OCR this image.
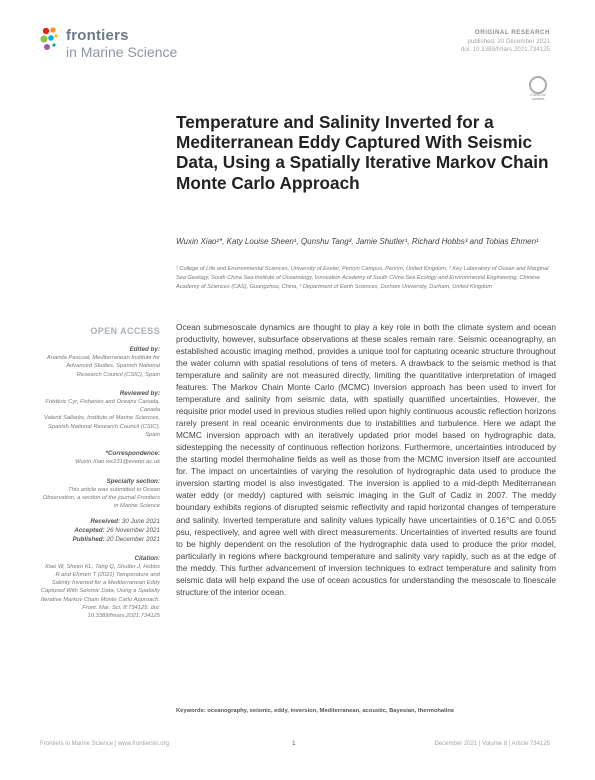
frontiers
in Marine Science
ORIGINAL RESEARCH
published: 20 December 2021
doi: 10.3389/fmars.2021.734125
Check for
updates
Temperature and Salinity Inverted for a Mediterranean Eddy Captured With Seismic Data, Using a Spatially Iterative Markov Chain Monte Carlo Approach
Wuxin Xiao¹*, Katy Louise Sheen¹, Qunshu Tang², Jamie Shutler¹, Richard Hobbs³ and Tobias Ehmen¹
¹ College of Life and Environmental Sciences, University of Exeter, Penryn Campus, Penryn, United Kingdom, ² Key Laboratory of Ocean and Marginal Sea Geology, South China Sea Institute of Oceanology, Innovation Academy of South China Sea Ecology and Environmental Engineering, Chinese Academy of Sciences (CAS), Guangzhou, China, ³ Department of Earth Sciences, Durham University, Durham, United Kingdom
OPEN ACCESS
Edited by:
Ananda Pascual, Mediterranean Institute for Advanced Studies, Spanish National Research Council (CSIC), Spain
Reviewed by:
Frédéric Cyr, Fisheries and Oceans Canada, Canada
Valenti Sallarès, Institute of Marine Sciences, Spanish National Research Council (CSIC), Spain
*Correspondence:
Wuxin Xiao wx231@exeter.ac.uk
Specialty section:
This article was submitted to Ocean Observation, a section of the journal Frontiers in Marine Science
Received: 30 June 2021
Accepted: 26 November 2021
Published: 20 December 2021
Citation:
Xiao W, Sheen KL, Tang Q, Shutler J, Hobbs R and Ehmen T (2021) Temperature and Salinity Inverted for a Mediterranean Eddy Captured With Seismic Data, Using a Spatially Iterative Markov Chain Monte Carlo Approach. Front. Mar. Sci. 8:734125. doi: 10.3389/fmars.2021.734125
Ocean submesoscale dynamics are thought to play a key role in both the climate system and ocean productivity, however, subsurface observations at these scales remain rare. Seismic oceanography, an established acoustic imaging method, provides a unique tool for capturing oceanic structure throughout the water column with spatial resolutions of tens of meters. A drawback to the seismic method is that temperature and salinity are not measured directly, limiting the quantitative interpretation of imaged features. The Markov Chain Monte Carlo (MCMC) inversion approach has been used to invert for temperature and salinity from seismic data, with spatially quantified uncertainties. However, the requisite prior model used in previous studies relied upon highly continuous acoustic reflection horizons rarely present in real oceanic environments due to instabilities and turbulence. Here we adapt the MCMC inversion approach with an iteratively updated prior model based on hydrographic data, sidestepping the necessity of continuous reflection horizons. Furthermore, uncertainties introduced by the starting model thermohaline fields as well as those from the MCMC inversion itself are accounted for. The impact on uncertainties of varying the resolution of hydrographic data used to produce the inversion starting model is also investigated. The inversion is applied to a mid-depth Mediterranean water eddy (or meddy) captured with seismic imaging in the Gulf of Cadiz in 2007. The meddy boundary exhibits regions of disrupted seismic reflectivity and rapid horizontal changes of temperature and salinity. Inverted temperature and salinity values typically have uncertainties of 0.16°C and 0.055 psu, respectively, and agree well with direct measurements. Uncertainties of inverted results are found to be highly dependent on the resolution of the hydrographic data used to produce the prior model, particularly in regions where background temperature and salinity vary rapidly, such as at the edge of the meddy. This further advancement of inversion techniques to extract temperature and salinity from seismic data will help expand the use of ocean acoustics for understanding the mesoscale to finescale structure of the interior ocean.
Keywords: oceanography, seismic, eddy, inversion, Mediterranean, acoustic, Bayesian, thermohaline
Frontiers in Marine Science | www.frontiersin.org	1	December 2021 | Volume 8 | Article 734125
